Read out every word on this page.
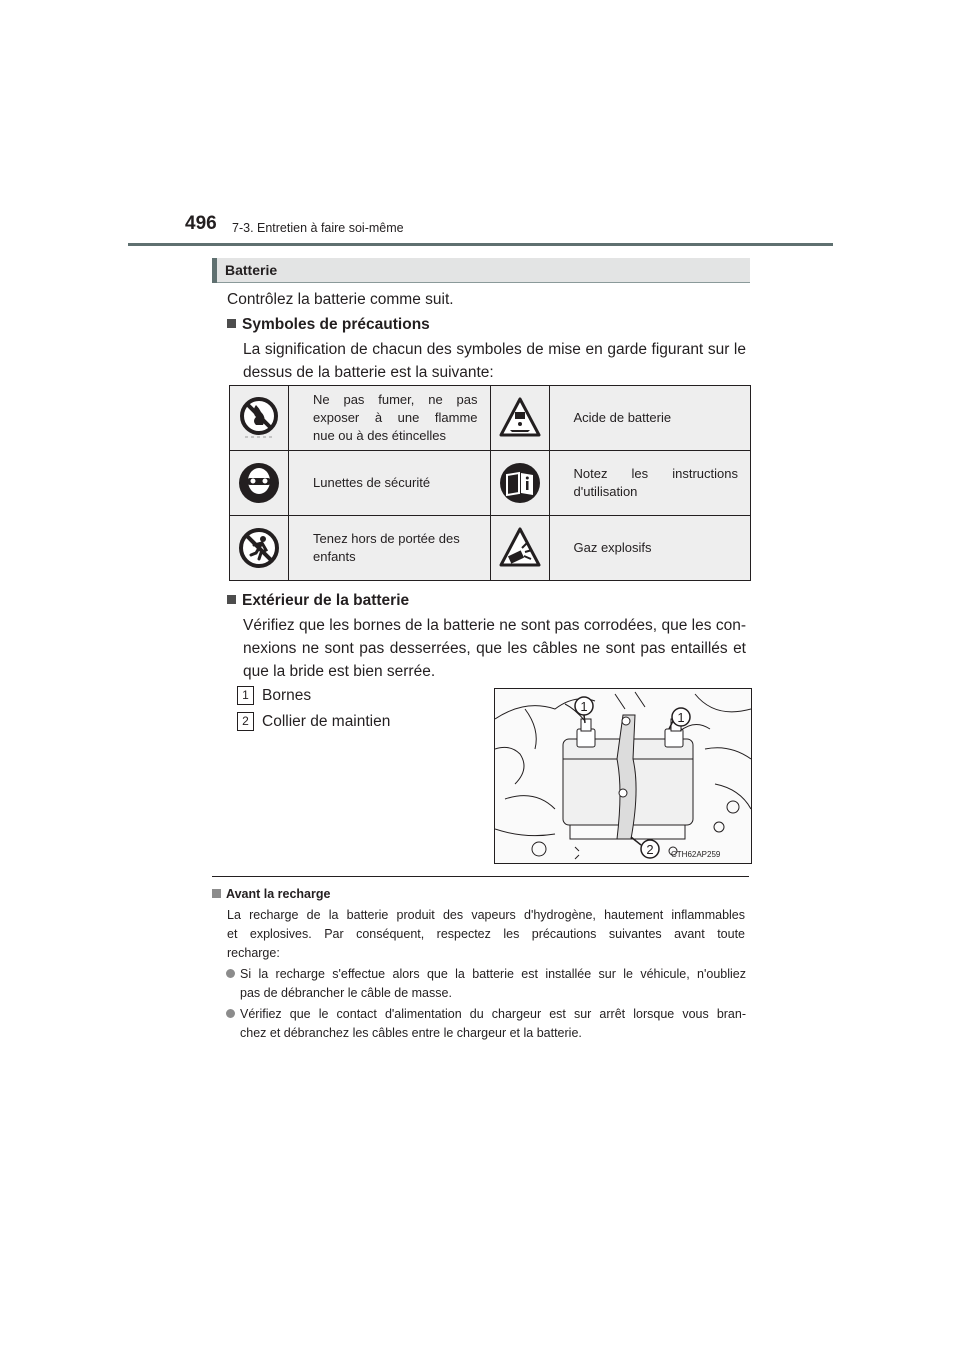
496 7-3. Entretien à faire soi-même
Batterie
Contrôlez la batterie comme suit.
Symboles de précautions
La signification de chacun des symboles de mise en garde figurant sur le
dessus de la batterie est la suivante:

Ne pas fumer, ne pas
exposer à une flamme
nue ou à des étincelles		Acide de batterie

	Lunettes de sécurité		Notez les instructions
d'utilisation

Tenez hors de portée des
enfants		Gaz explosifs
Extérieur de la batterie
Vérifiez que les bornes de la batterie ne sont pas corrodées, que les con-
nexions ne sont pas desserrées, que les câbles ne sont pas entaillés et
que la bride est bien serrée.
1 Bornes
2 Collier de maintien
1
1
2 CTH62AP259
Avant la recharge
La recharge de la batterie produit des vapeurs d'hydrogène, hautement inflammables
et explosives. Par conséquent, respectez les précautions suivantes avant toute
recharge:
Si la recharge s'effectue alors que la batterie est installée sur le véhicule, n'oubliez
pas de débrancher le câble de masse.
Vérifiez que le contact d'alimentation du chargeur est sur arrêt lorsque vous bran-
chez et débranchez les câbles entre le chargeur et la batterie.
